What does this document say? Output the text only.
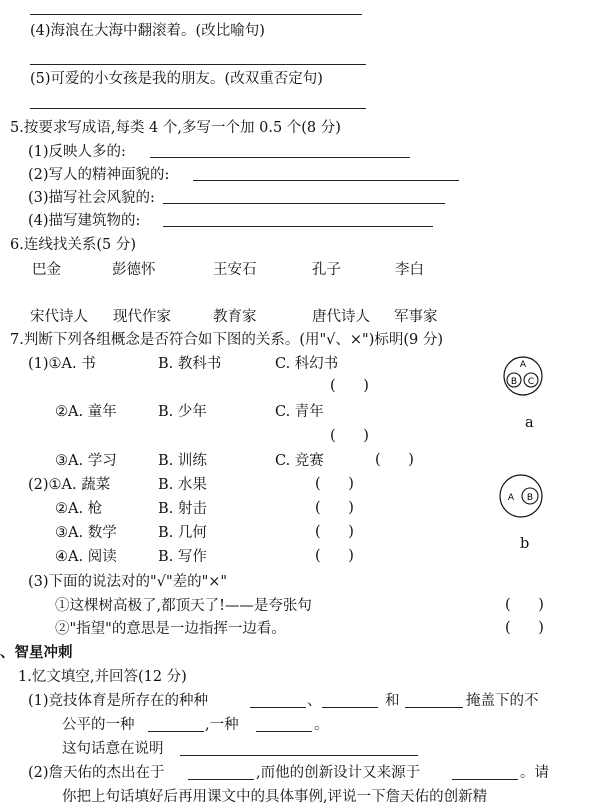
(4)海浪在大海中翻滚着。(改比喻句)
(5)可爱的小女孩是我的朋友。(改双重否定句)
5.按要求写成语,每类 4 个,多写一个加 0.5 个(8 分)
(1)反映人多的:
(2)写人的精神面貌的:
(3)描写社会风貌的:
(4)描写建筑物的:
6.连线找关系(5 分)
巴金	彭德怀	王安石	孔子	李白
宋代诗人 现代作家	教育家	唐代诗人 军事家
7.判断下列各组概念是否符合如下图的关系。(用"√、×")标明(9 分)
(1)①A. 书	B. 教科书	C. 科幻书
(      )
②A. 童年	B. 少年	C. 青年
(      )
③A. 学习	B. 训练	C. 竞赛	(      )
(2)①A. 蔬菜	B. 水果	(      )
②A. 枪	B. 射击	(      )
③A. 数学	B. 几何	(      )
④A. 阅读	B. 写作	(      )
(3)下面的说法对的"√"差的"×"
①这棵树高极了,都顶天了!——是夸张句	(      )
②"指望"的意思是一边指挥一边看。	(      )
A
B C
a
A B
b
、智星冲刺
1.忆文填空,并回答(12 分)
(1)竞技体育是所存在的种种	、	和	掩盖下的不
公平的一种	,一种	。
这句话意在说明
(2)詹天佑的杰出在于	,而他的创新设计又来源于	。请
你把上句话填好后再用课文中的具体事例,评说一下詹天佑的创新精
